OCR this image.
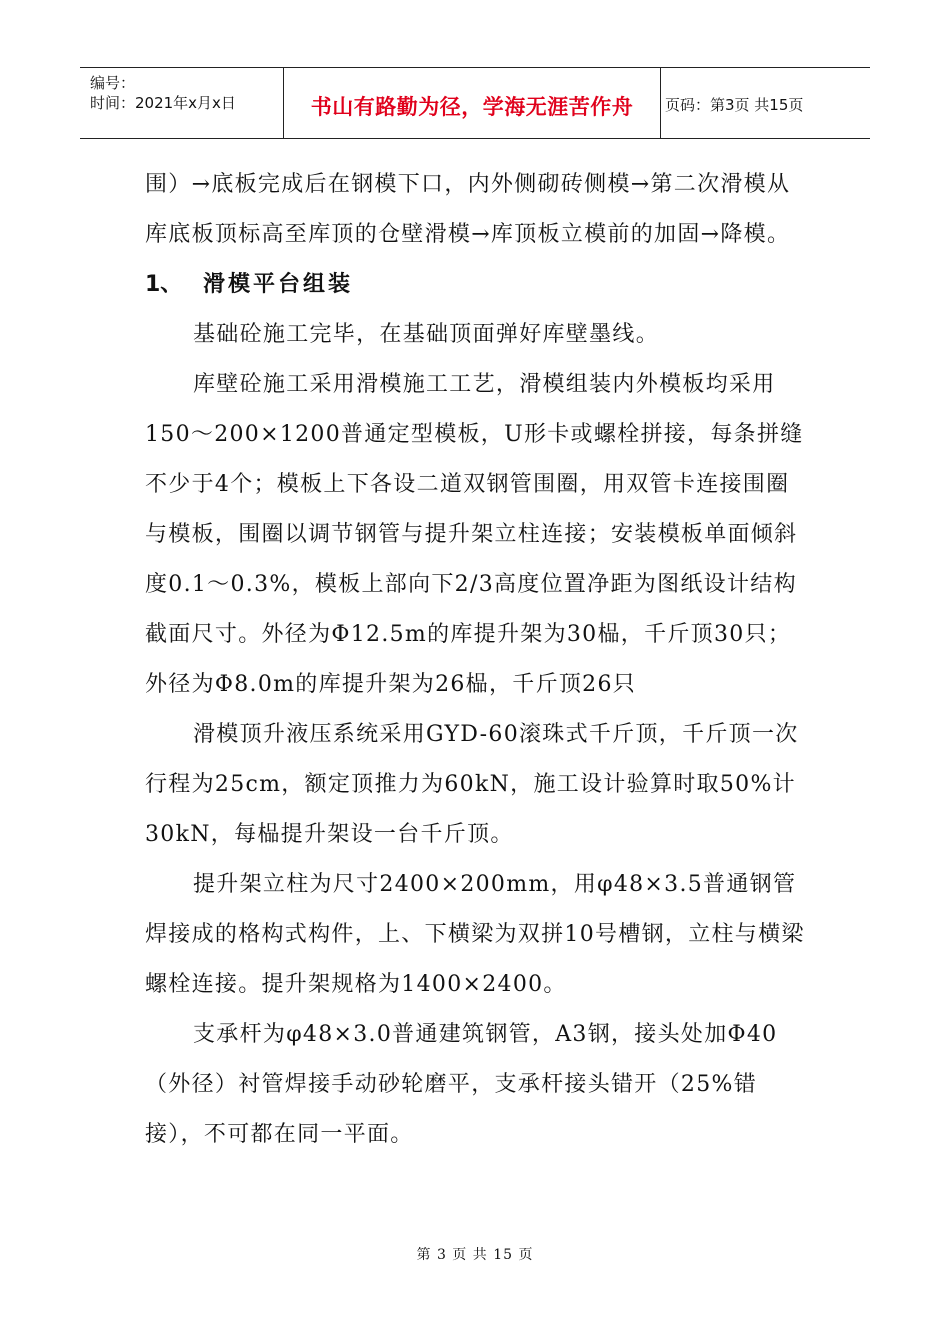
编号：
时间：2021年x月x日	书山有路勤为径，学海无涯苦作舟	页码：第3页 共15页

围）→底板完成后在钢模下口，内外侧砌砖侧模→第二次滑模从库底板顶标高至库顶的仓壁滑模→库顶板立模前的加固→降模。

1、 滑模平台组装

基础砼施工完毕，在基础顶面弹好库壁墨线。

库壁砼施工采用滑模施工工艺，滑模组装内外模板均采用150～200×1200普通定型模板，U形卡或螺栓拼接，每条拼缝不少于4个；模板上下各设二道双钢管围圈，用双管卡连接围圈与模板，围圈以调节钢管与提升架立柱连接；安装模板单面倾斜度0.1～0.3%，模板上部向下2/3高度位置净距为图纸设计结构截面尺寸。外径为Φ12.5m的库提升架为30榀，千斤顶30只；外径为Φ8.0m的库提升架为26榀，千斤顶26只

滑模顶升液压系统采用GYD-60滚珠式千斤顶，千斤顶一次行程为25cm，额定顶推力为60kN，施工设计验算时取50%计30kN，每榀提升架设一台千斤顶。

提升架立柱为尺寸2400×200mm，用φ48×3.5普通钢管焊接成的格构式构件，上、下横梁为双拼10号槽钢，立柱与横梁螺栓连接。提升架规格为1400×2400。

支承杆为φ48×3.0普通建筑钢管，A3钢，接头处加Φ40（外径）衬管焊接手动砂轮磨平，支承杆接头错开（25%错接），不可都在同一平面。

第 3 页 共 15 页
